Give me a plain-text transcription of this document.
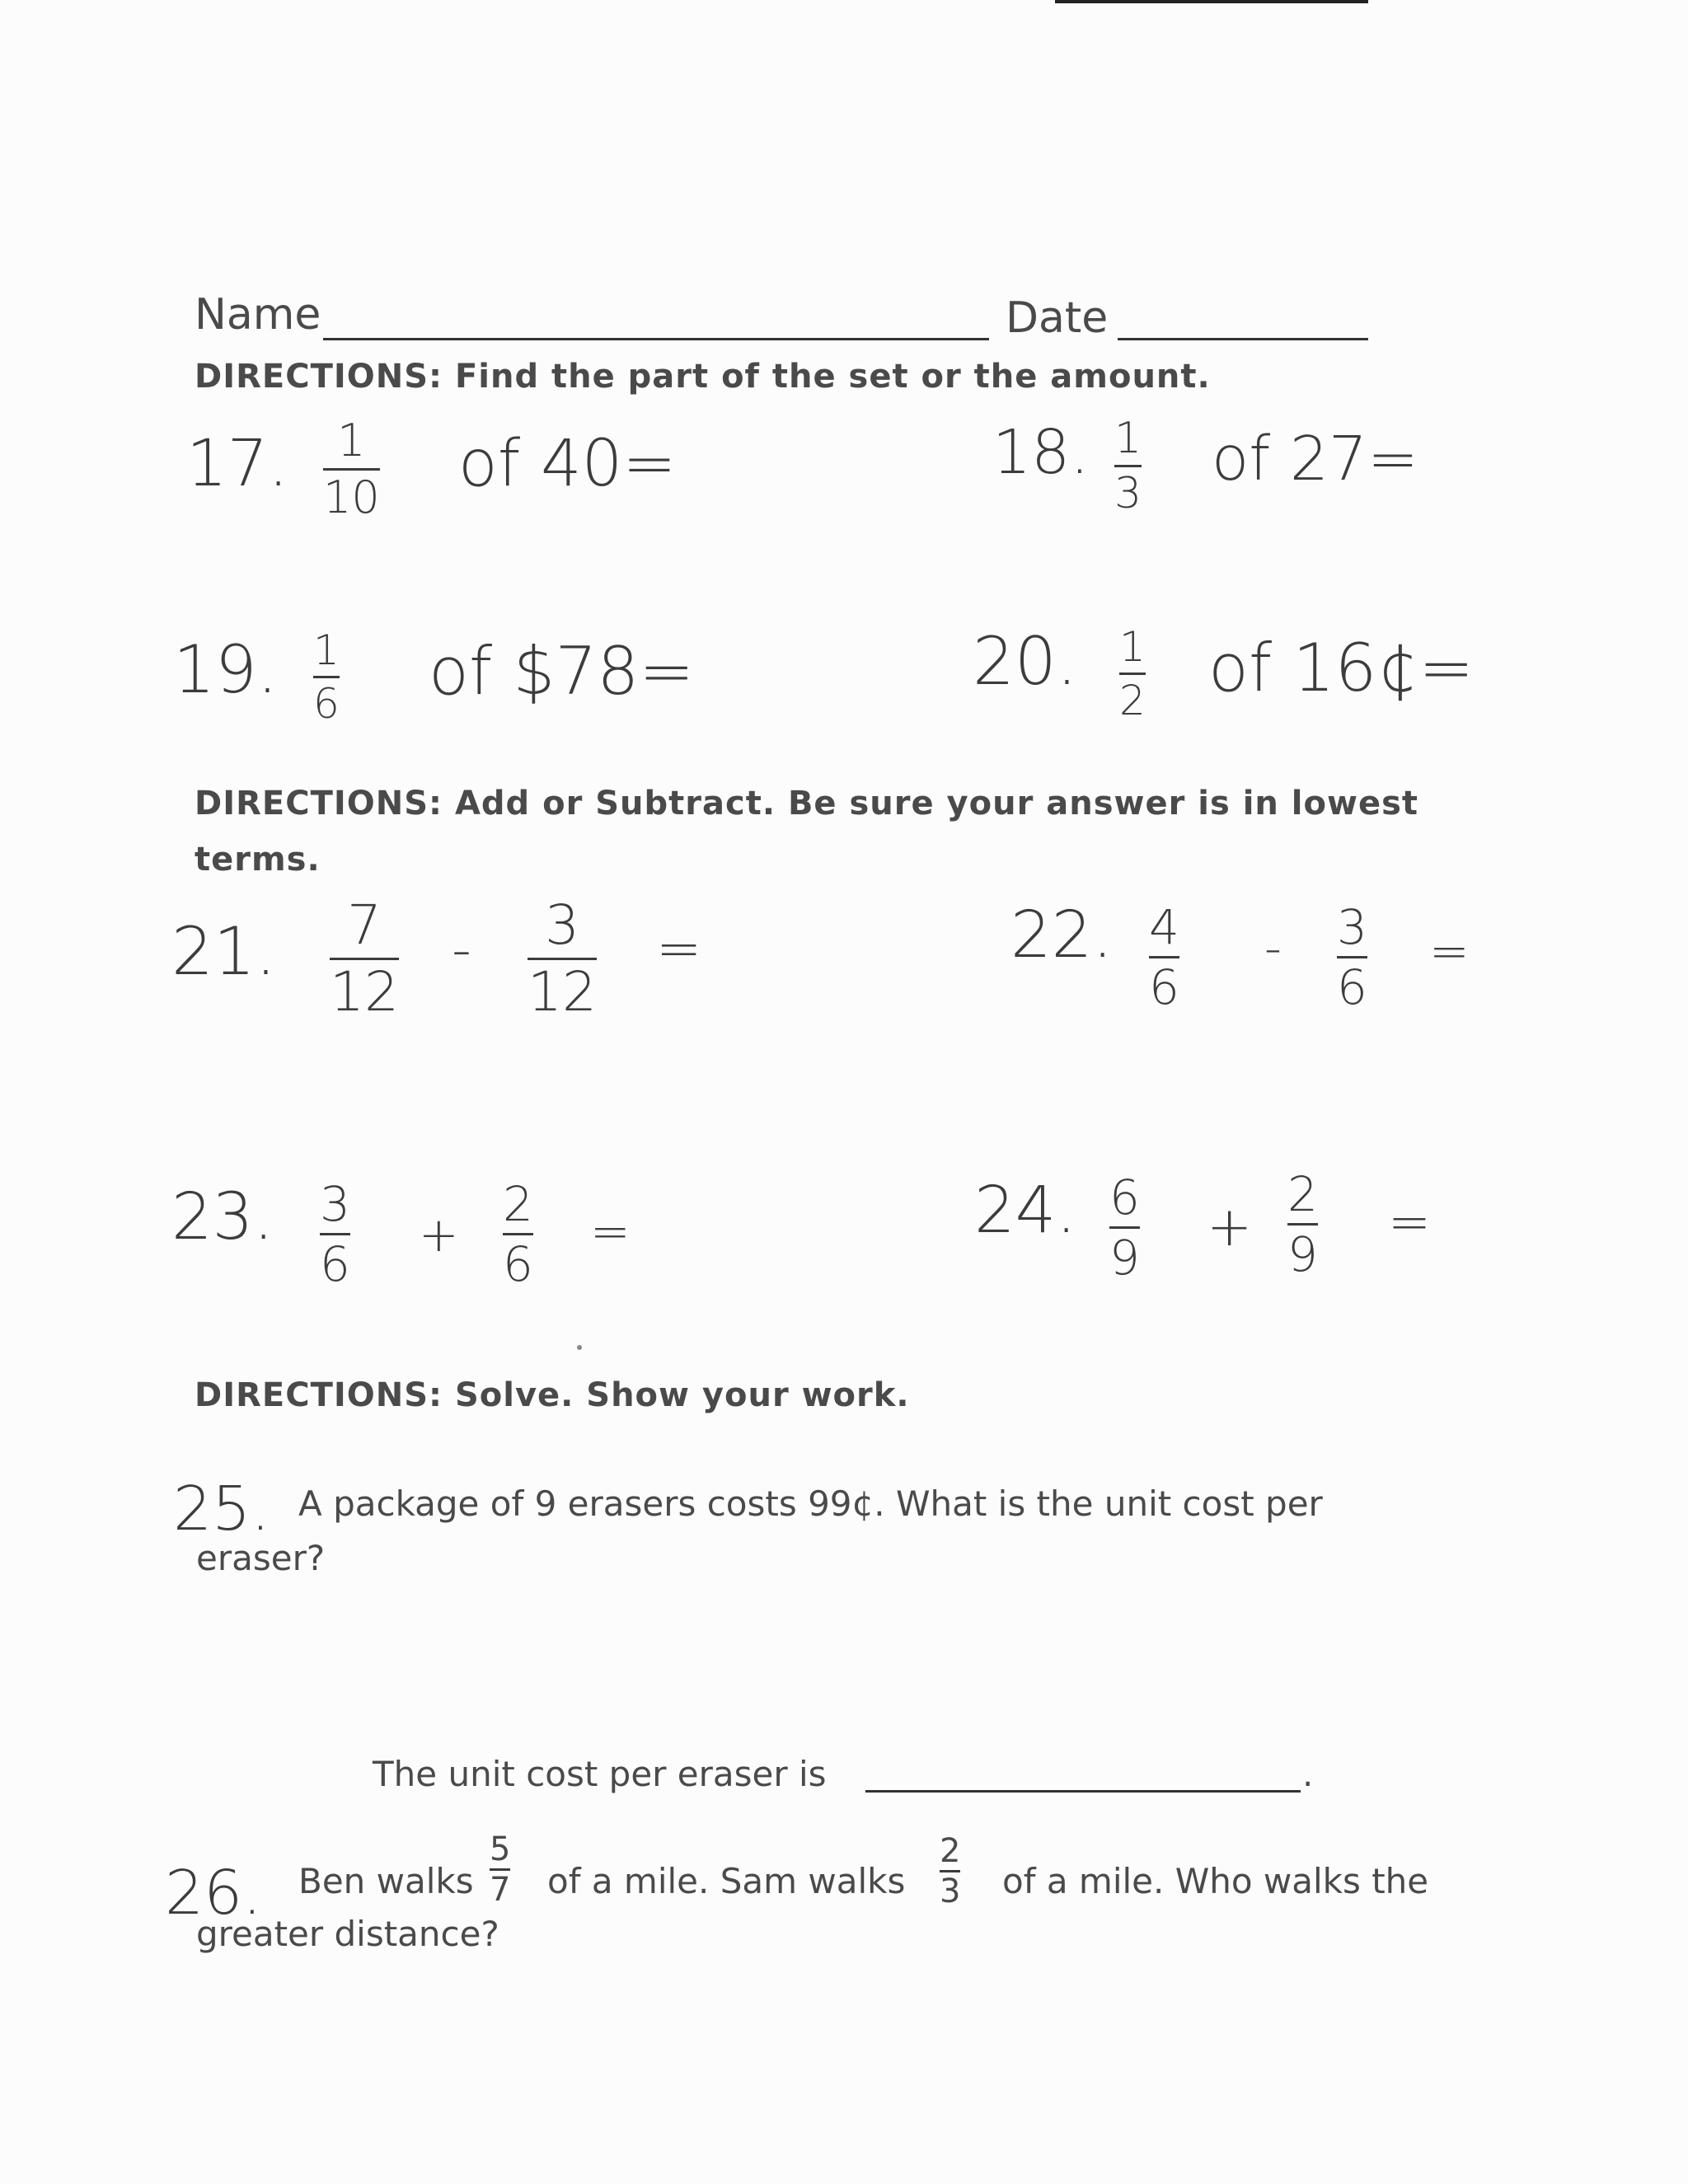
Name	Date
DIRECTIONS: Find the part of the set or the amount.
17. 1
10 of 40=	18. 1
3 of 27=
19. 1
6 of $78=	20. 1
2 of 16¢=
DIRECTIONS: Add or Subtract. Be sure your answer is in lowest
terms.
21. 7
12
- 3
12
=	22. 4
6
- 3
6
=
23. 3
6
+
2
6
=	24. 6
9 +
2
9
=
DIRECTIONS: Solve. Show your work.
25. A package of 9 erasers costs 99¢. What is the unit cost per
eraser?
The unit cost per eraser is	.
26. Ben walks
5
7 of a mile. Sam walks
2
3 of a mile. Who walks the
greater distance?
